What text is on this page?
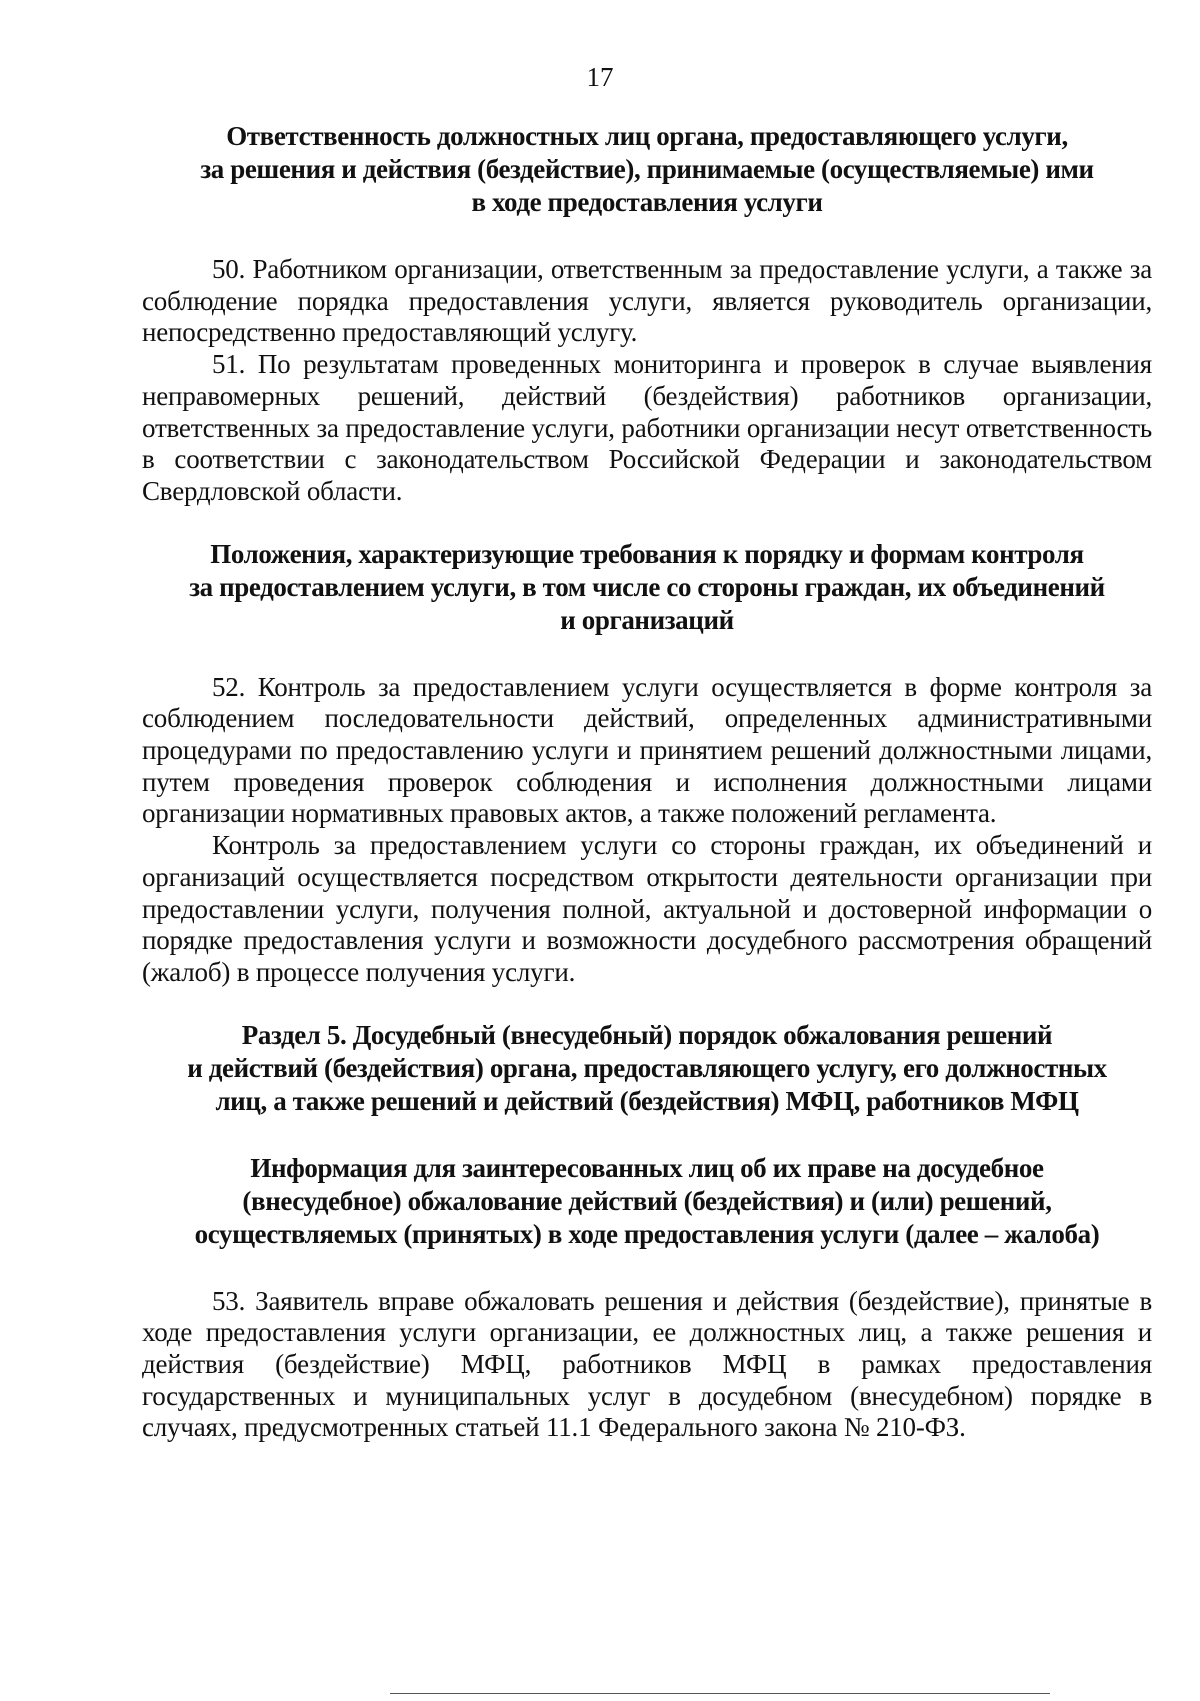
17
Ответственность должностных лиц органа, предоставляющего услуги,
за решения и действия (бездействие), принимаемые (осуществляемые) ими
в ходе предоставления услуги

50. Работником организации, ответственным за предоставление услуги, а также за соблюдение порядка предоставления услуги, является руководитель организации, непосредственно предоставляющий услугу.

51. По результатам проведенных мониторинга и проверок в случае выявления неправомерных решений, действий (бездействия) работников организации, ответственных за предоставление услуги, работники организации несут ответственность в соответствии с законодательством Российской Федерации и законодательством Свердловской области.

Положения, характеризующие требования к порядку и формам контроля
за предоставлением услуги, в том числе со стороны граждан, их объединений
и организаций

52. Контроль за предоставлением услуги осуществляется в форме контроля за соблюдением последовательности действий, определенных административными процедурами по предоставлению услуги и принятием решений должностными лицами, путем проведения проверок соблюдения и исполнения должностными лицами организации нормативных правовых актов, а также положений регламента.

Контроль за предоставлением услуги со стороны граждан, их объединений и организаций осуществляется посредством открытости деятельности организации при предоставлении услуги, получения полной, актуальной и достоверной информации о порядке предоставления услуги и возможности досудебного рассмотрения обращений (жалоб) в процессе получения услуги.

Раздел 5. Досудебный (внесудебный) порядок обжалования решений
и действий (бездействия) органа, предоставляющего услугу, его должностных
лиц, а также решений и действий (бездействия) МФЦ, работников МФЦ
Информация для заинтересованных лиц об их праве на досудебное
(внесудебное) обжалование действий (бездействия) и (или) решений,
осуществляемых (принятых) в ходе предоставления услуги (далее – жалоба)

53. Заявитель вправе обжаловать решения и действия (бездействие), принятые в ходе предоставления услуги организации, ее должностных лиц, а также решения и действия (бездействие) МФЦ, работников МФЦ в рамках предоставления государственных и муниципальных услуг в досудебном (внесудебном) порядке в случаях, предусмотренных статьей 11.1 Федерального закона № 210-ФЗ.
